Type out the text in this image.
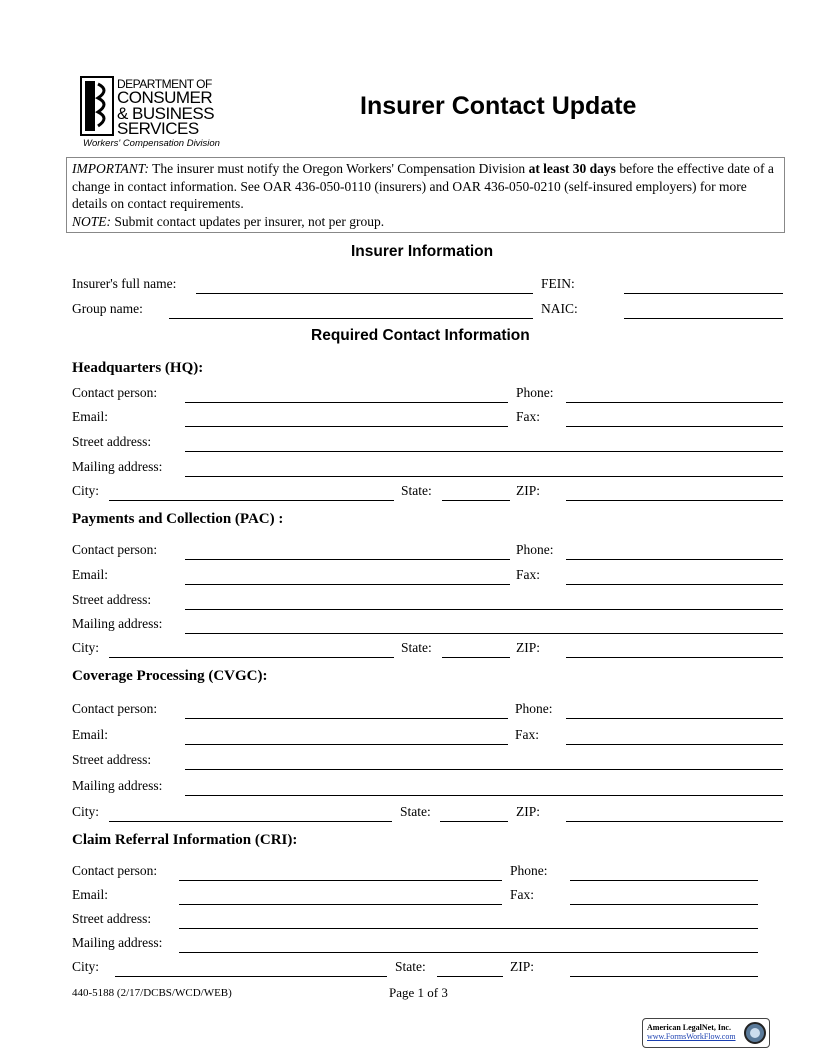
DEPARTMENT OF
CONSUMER
& BUSINESS
SERVICES
Workers' Compensation Division
Insurer Contact Update
IMPORTANT: The insurer must notify the Oregon Workers' Compensation Division at least 30 days before the effective date of a change in contact information. See OAR 436-050-0110 (insurers) and OAR 436-050-0210 (self-insured employers) for more details on contact requirements.
NOTE: Submit contact updates per insurer, not per group.
Insurer Information
Insurer's full name:	FEIN:
Group name:	NAIC:
Required Contact Information
Headquarters (HQ):
Contact person:	Phone:
Email:	Fax:
Street address:
Mailing address:
City:	State:	ZIP:
Payments and Collection (PAC) :
Contact person:	Phone:
Email:	Fax:
Street address:
Mailing address:
City:	State:	ZIP:
Coverage Processing (CVGC):
Contact person:	Phone:
Email:	Fax:
Street address:
Mailing address:
City:	State:	ZIP:
Claim Referral Information (CRI):
Contact person:	Phone:
Email:	Fax:
Street address:
Mailing address:
City:	State:	ZIP:
440-5188 (2/17/DCBS/WCD/WEB)	Page 1 of 3
American LegalNet, Inc.
www.FormsWorkFlow.com
